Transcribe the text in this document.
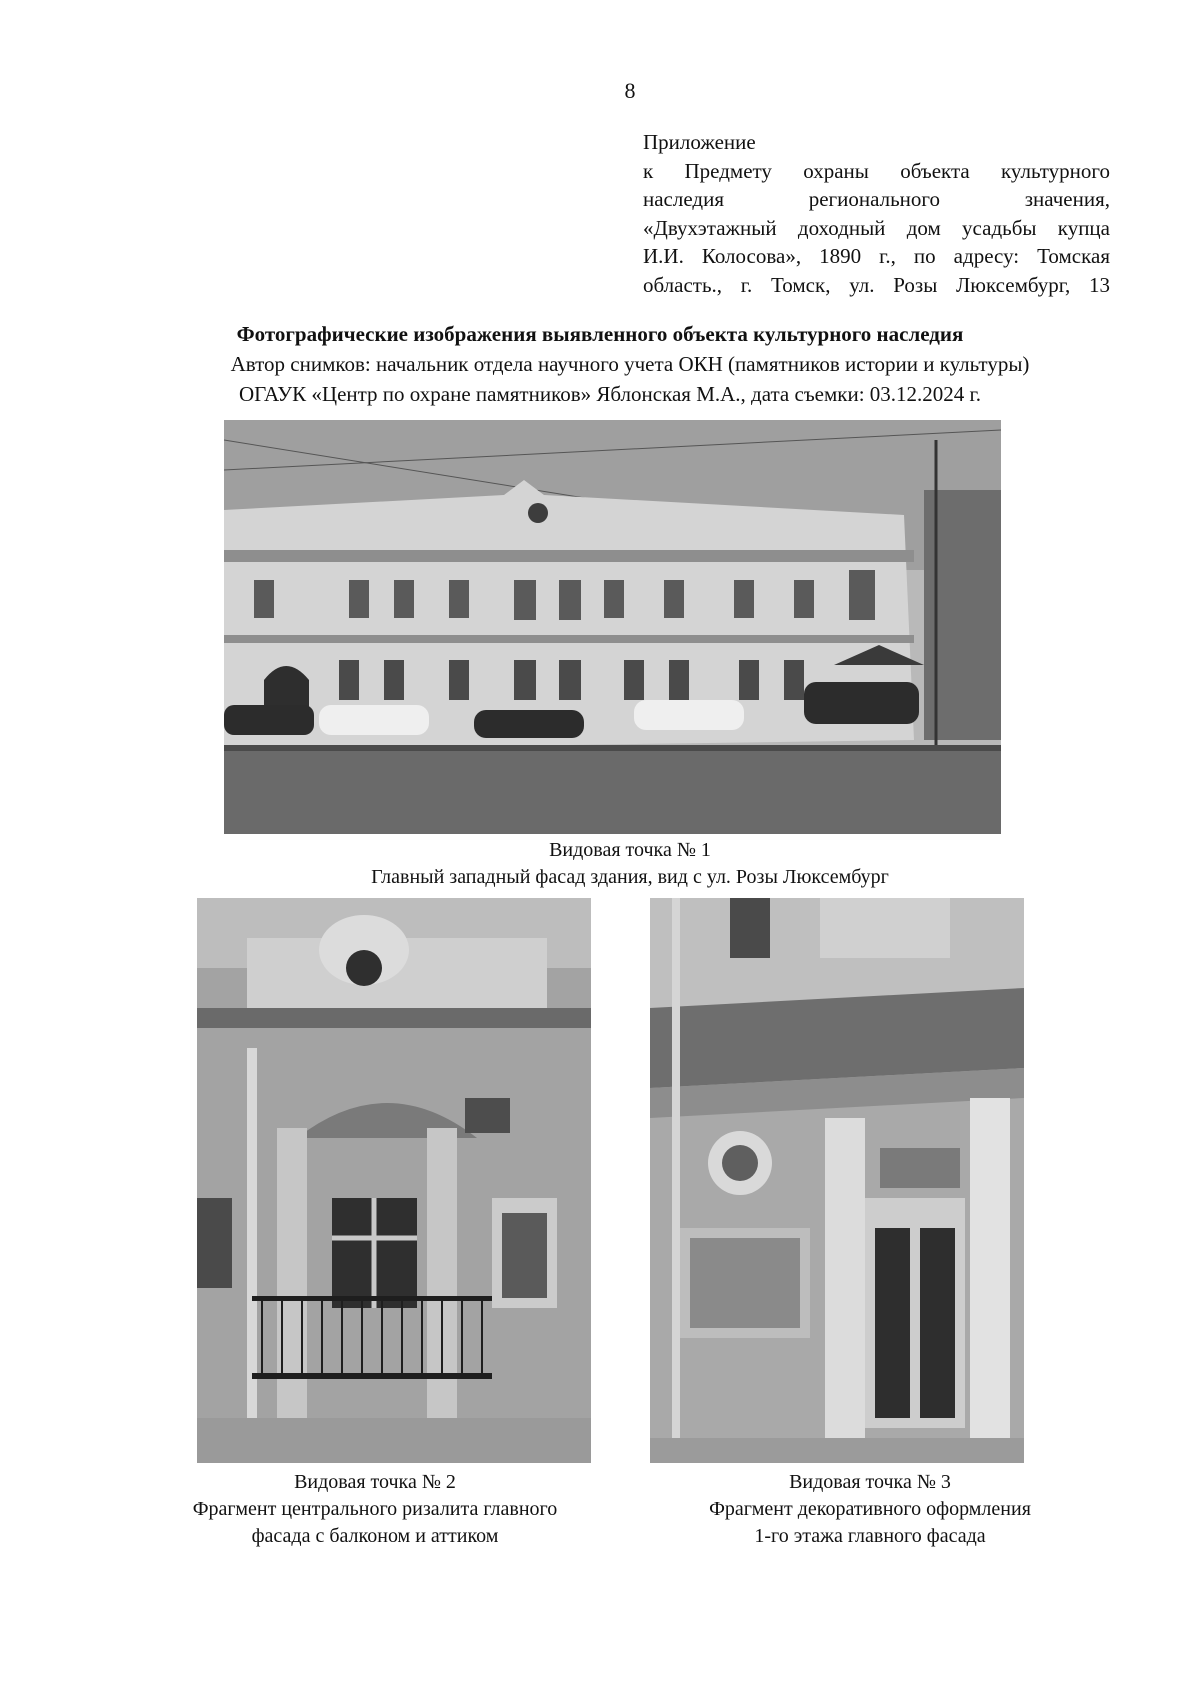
8
Приложение
к Предмету охраны объекта культурного
наследия регионального значения,
«Двухэтажный доходный дом усадьбы купца
И.И. Колосова», 1890 г., по адресу: Томская
область., г. Томск, ул. Розы Люксембург, 13
Фотографические изображения выявленного объекта культурного наследия
Автор снимков: начальник отдела научного учета ОКН (памятников истории и культуры)
ОГАУК «Центр по охране памятников» Яблонская М.А., дата съемки: 03.12.2024 г.
Видовая точка № 1
Главный западный фасад здания, вид с ул. Розы Люксембург
Видовая точка № 2
Фрагмент центрального ризалита главного
фасада с балконом и аттиком
Видовая точка № 3
Фрагмент декоративного оформления
1-го этажа главного фасада
